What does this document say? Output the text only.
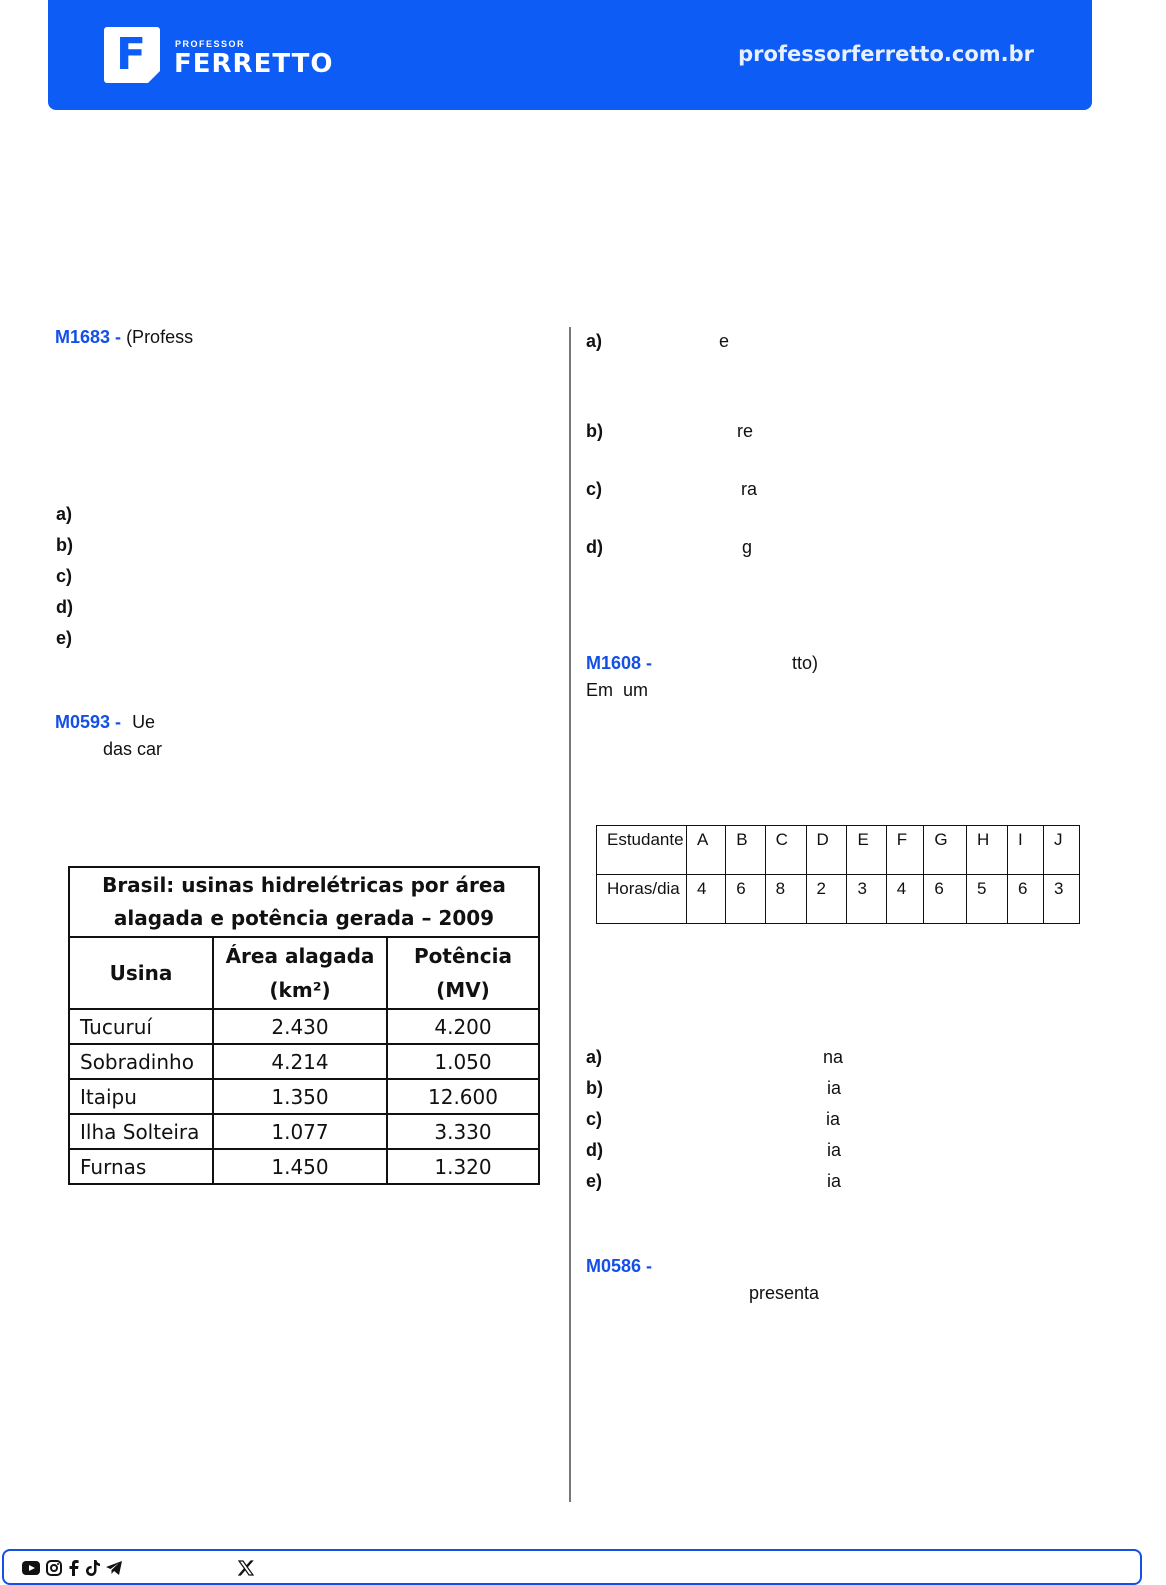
F	PROFESSOR
FERRETTO	professorferretto.com.br
M1683 - (Profess
a)
b)
c)
d)
e)
M0593 - Ue
das car
Brasil: usinas hidrelétricas por área alagada e potência gerada – 2009		
Usina	Área alagada (km²)	Potência (MV)
Tucuruí	2.430	4.200
Sobradinho	4.214	1.050
Itaipu	1.350	12.600
Ilha Solteira	1.077	3.330
Furnas	1.450	1.320
a)	e
b)	re
c)	ra
d)	g
M1608 -	tto)
Em  um
Estudante	A	B	C	D	E	F	G	H	I	J
Horas/dia	4	6	8	2	3	4	6	5	6	3
a)	na
b)	ia
c)	ia
d)	ia
e)	ia
M0586 -
presenta
